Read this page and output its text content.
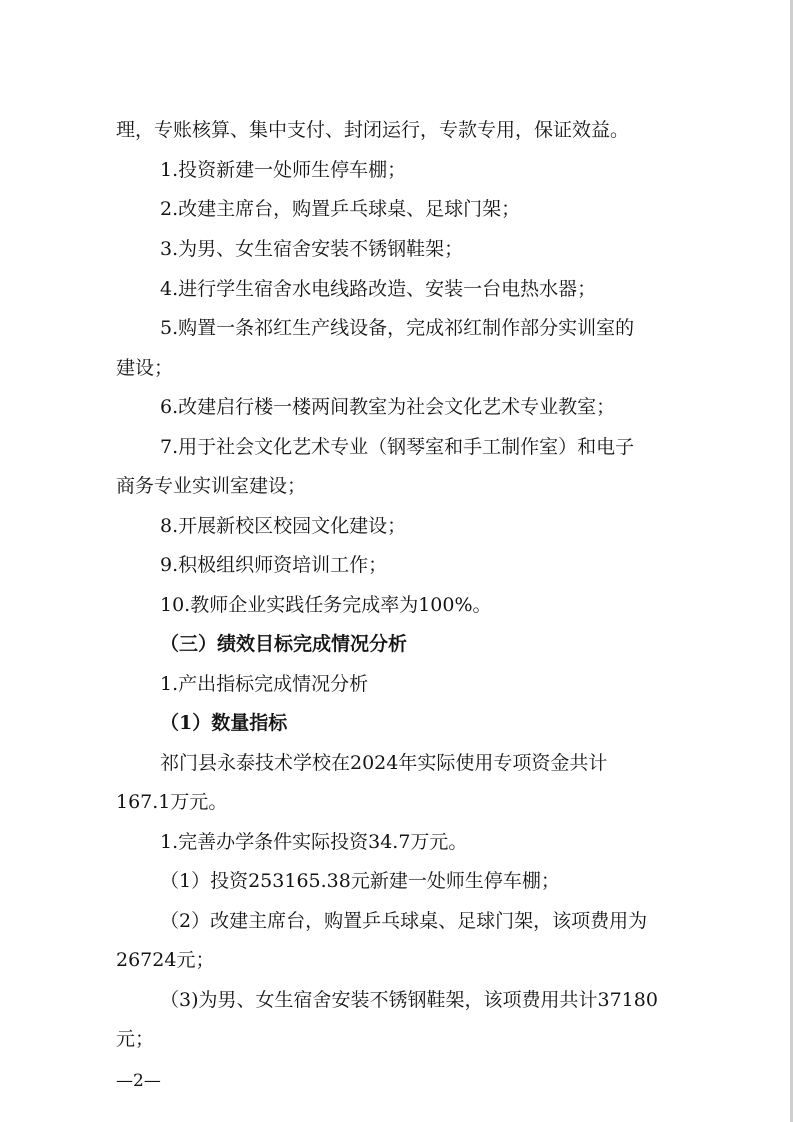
理，专账核算、集中支付、封闭运行，专款专用，保证效益。
1.投资新建一处师生停车棚；
2.改建主席台，购置乒乓球桌、足球门架；
3.为男、女生宿舍安装不锈钢鞋架；
4.进行学生宿舍水电线路改造、安装一台电热水器；
5.购置一条祁红生产线设备，完成祁红制作部分实训室的
建设；
6.改建启行楼一楼两间教室为社会文化艺术专业教室；
7.用于社会文化艺术专业（钢琴室和手工制作室）和电子
商务专业实训室建设；
8.开展新校区校园文化建设；
9.积极组织师资培训工作；
10.教师企业实践任务完成率为100%。
（三）绩效目标完成情况分析
1.产出指标完成情况分析
（1）数量指标
祁门县永泰技术学校在2024年实际使用专项资金共计
167.1万元。
1.完善办学条件实际投资34.7万元。
（1）投资253165.38元新建一处师生停车棚；
（2）改建主席台，购置乒乓球桌、足球门架，该项费用为
26724元；
（3)为男、女生宿舍安装不锈钢鞋架，该项费用共计37180
元；
—2—
